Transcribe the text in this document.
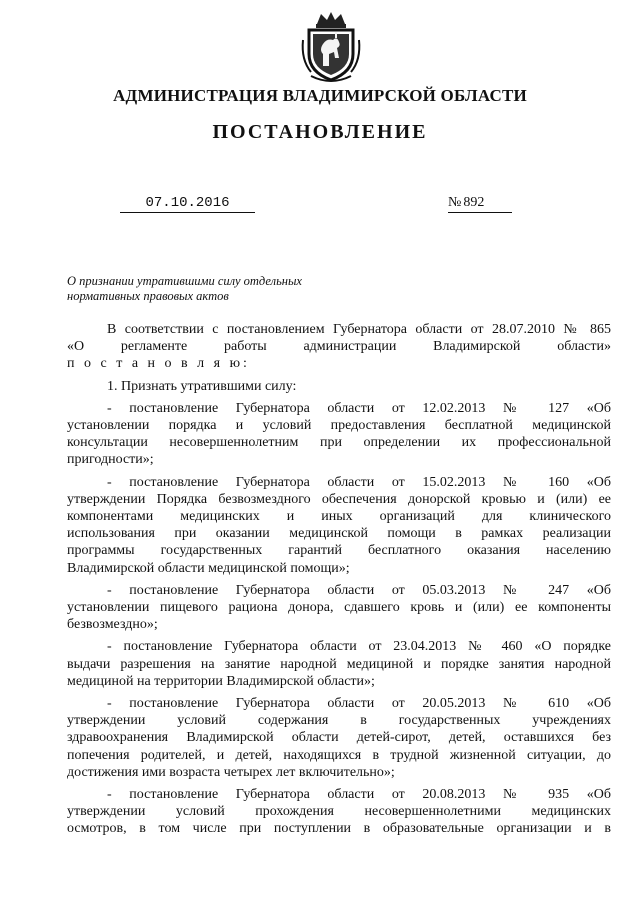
АДМИНИСТРАЦИЯ ВЛАДИМИРСКОЙ ОБЛАСТИ
ПОСТАНОВЛЕНИЕ
07.10.2016	№ 892
О признании утратившими силу отдельных
нормативных правовых актов

В соответствии с постановлением Губернатора области от 28.07.2010 № 865

«О регламенте работы администрации Владимирской области»

п о с т а н о в л я ю:

1. Признать утратившими силу:

- постановление Губернатора области от 12.02.2013 № 127 «Об

установлении порядка и условий предоставления бесплатной медицинской

консультации несовершеннолетним при определении их профессиональной

пригодности»;

- постановление Губернатора области от 15.02.2013 № 160 «Об

утверждении Порядка безвозмездного обеспечения донорской кровью и (или) ее

компонентами медицинских и иных организаций для клинического

использования при оказании медицинской помощи в рамках реализации

программы государственных гарантий бесплатного оказания населению

Владимирской области медицинской помощи»;

- постановление Губернатора области от 05.03.2013 № 247 «Об

установлении пищевого рациона донора, сдавшего кровь и (или) ее компоненты

безвозмездно»;

- постановление Губернатора области от 23.04.2013 № 460 «О порядке

выдачи разрешения на занятие народной медициной и порядке занятия народной

медициной на территории Владимирской области»;

- постановление Губернатора области от 20.05.2013 № 610 «Об

утверждении условий содержания в государственных учреждениях

здравоохранения Владимирской области детей-сирот, детей, оставшихся без

попечения родителей, и детей, находящихся в трудной жизненной ситуации, до

достижения ими возраста четырех лет включительно»;

- постановление Губернатора области от 20.08.2013 № 935 «Об

утверждении условий прохождения несовершеннолетними медицинских

осмотров, в том числе при поступлении в образовательные организации и в
